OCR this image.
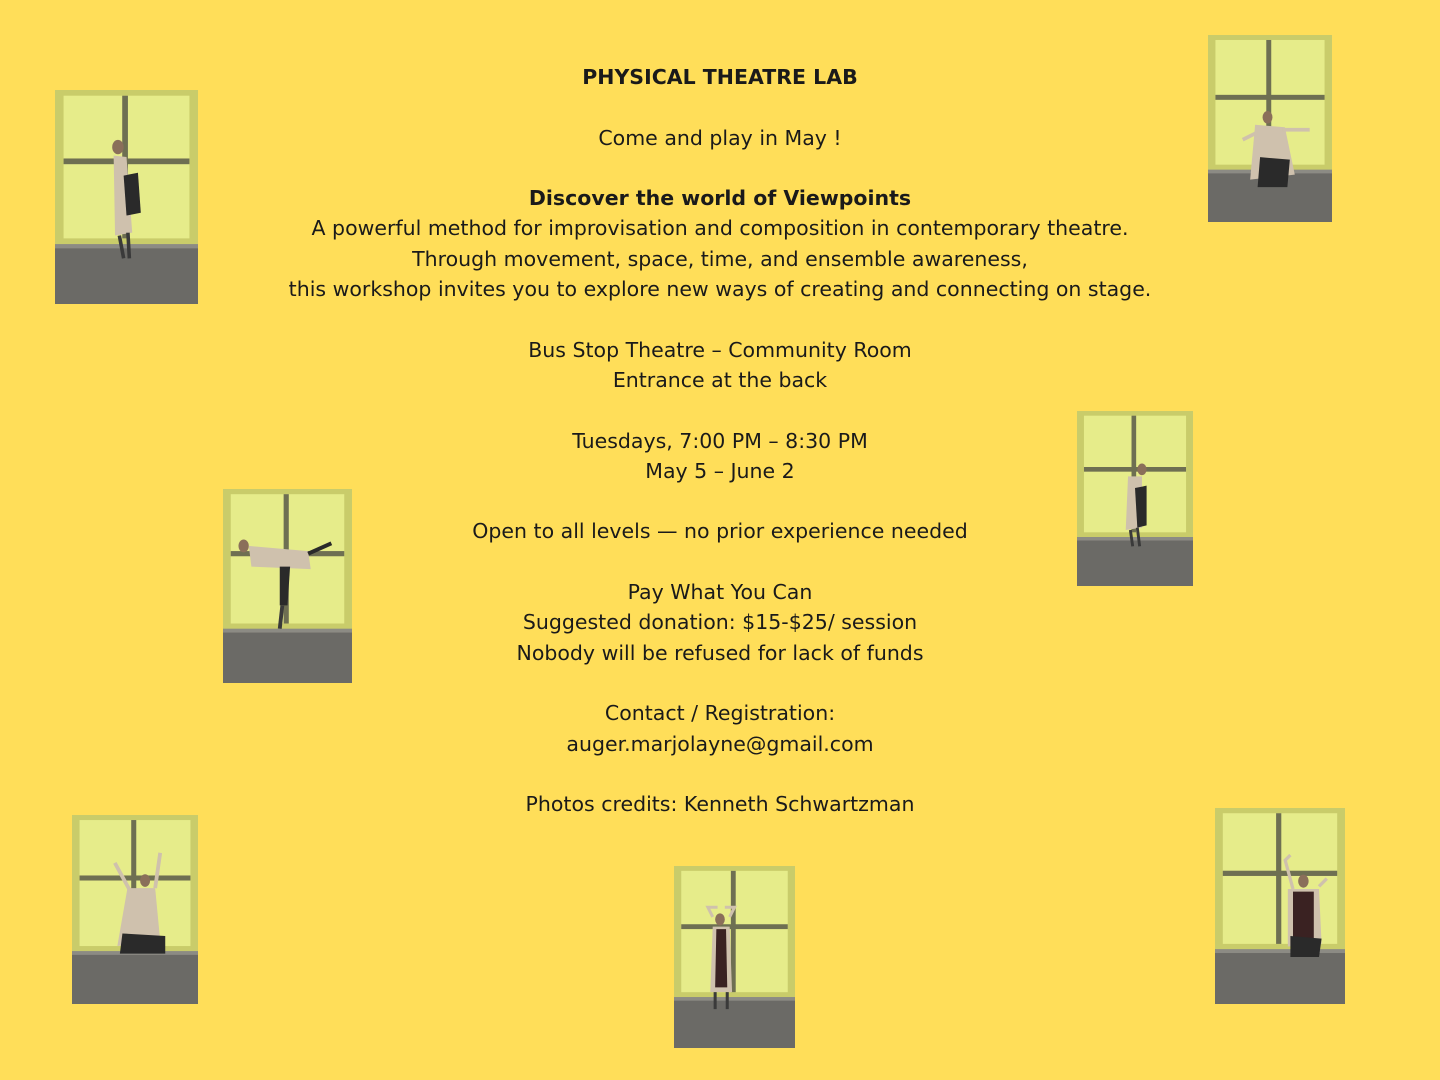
PHYSICAL THEATRE LAB
Come and play in May !
Discover the world of Viewpoints
A powerful method for improvisation and composition in contemporary theatre.
Through movement, space, time, and ensemble awareness,
this workshop invites you to explore new ways of creating and connecting on stage.
Bus Stop Theatre – Community Room
Entrance at the back
Tuesdays, 7:00 PM – 8:30 PM
May 5 – June 2
Open to all levels — no prior experience needed
Pay What You Can
Suggested donation: $15-$25/ session
Nobody will be refused for lack of funds
Contact / Registration:
auger.marjolayne@gmail.com
Photos credits: Kenneth Schwartzman
